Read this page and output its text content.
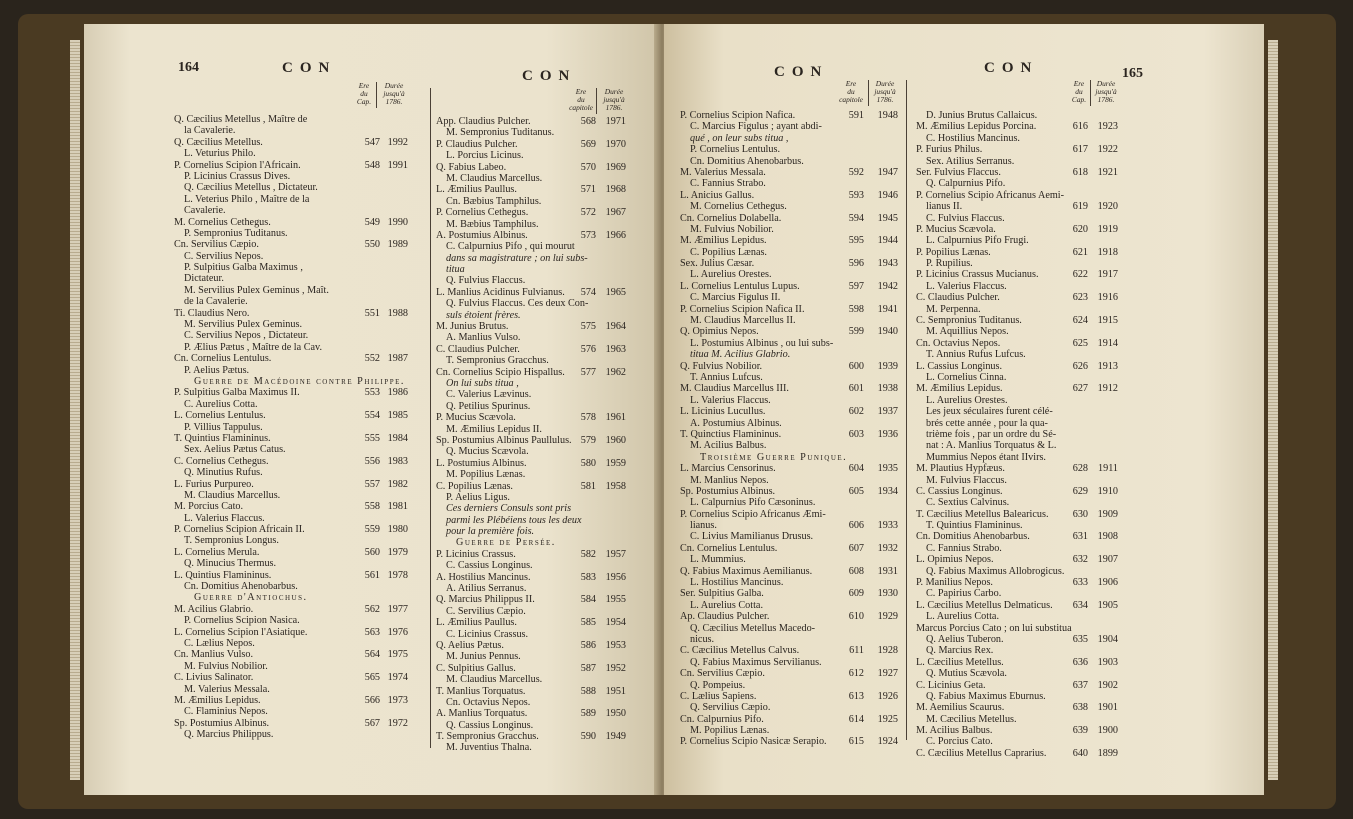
164	CON
Ere
du
Cap.
Durée
jusqu'à
1786.
Q. Cæcilius Metellus , Maître de
la Cavalerie.
Q. Cæcilius Metellus.	547 1992
L. Veturius Philo.
P. Cornelius Scipion l'Africain.	548 1991
P. Licinius Crassus Dives.
Q. Cæcilius Metellus , Dictateur.
L. Veterius Philo , Maître de la
Cavalerie.
M. Cornelius Cethegus.	549 1990
P. Sempronius Tuditanus.
Cn. Servilius Cæpio.	550 1989
C. Servilius Nepos.
P. Sulpitius Galba Maximus ,
Dictateur.
M. Servilius Pulex Geminus , Maît.
de la Cavalerie.
Ti. Claudius Nero.	551 1988
M. Servilius Pulex Geminus.
C. Servilius Nepos , Dictateur.
P. Ælius Pætus , Maître de la Cav.
Cn. Cornelius Lentulus.	552 1987
P. Aelius Pætus.
Guerre de Macédoine contre Philippe.
P. Sulpitius Galba Maximus II.	553 1986
C. Aurelius Cotta.
L. Cornelius Lentulus.	554 1985
P. Villius Tappulus.
T. Quintius Flamininus.	555 1984
Sex. Aelius Pætus Catus.
C. Cornelius Cethegus.	556 1983
Q. Minutius Rufus.
L. Furius Purpureo.	557 1982
M. Claudius Marcellus.
M. Porcius Cato.	558 1981
L. Valerius Flaccus.
P. Cornelius Scipion Africain II.	559 1980
T. Sempronius Longus.
L. Cornelius Merula.	560 1979
Q. Minucius Thermus.
L. Quintius Flamininus.	561 1978
Cn. Domitius Ahenobarbus.
Guerre d'Antiochus.
M. Acilius Glabrio.	562 1977
P. Cornelius Scipion Nasica.
L. Cornelius Scipion l'Asiatique.	563 1976
C. Lælius Nepos.
Cn. Manlius Vulso.	564 1975
M. Fulvius Nobilior.
C. Livius Salinator.	565 1974
M. Valerius Messala.
M. Æmilius Lepidus.	566 1973
C. Flaminius Nepos.
Sp. Postumius Albinus.	567 1972
Q. Marcius Philippus.
CON
Ere
du
capitole
Durée
jusqu'à
1786.
App. Claudius Pulcher.	568 1971
M. Sempronius Tuditanus.
P. Claudius Pulcher.	569 1970
L. Porcius Licinus.
Q. Fabius Labeo.	570 1969
M. Claudius Marcellus.
L. Æmilius Paullus.	571 1968
Cn. Bæbius Tamphilus.
P. Cornelius Cethegus.	572 1967
M. Bæbius Tamphilus.
A. Postumius Albinus.	573 1966
C. Calpurnius Pifo , qui mourut
dans sa magistrature ; on lui subs-
titua
Q. Fulvius Flaccus.
L. Manlius Acidinus Fulvianus.	574 1965
Q. Fulvius Flaccus. Ces deux Con-
suls étoient frères.
M. Junius Brutus.	575 1964
A. Manlius Vulso.
C. Claudius Pulcher.	576 1963
T. Sempronius Gracchus.
Cn. Cornelius Scipio Hispallus.	577 1962
On lui subs titua ,
C. Valerius Lævinus.
Q. Petilius Spurinus.
P. Mucius Scævola.	578 1961
M. Æmilius Lepidus II.
Sp. Postumius Albinus Paullulus. 579 1960
Q. Mucius Scævola.
L. Postumius Albinus.	580 1959
M. Popilius Lænas.
C. Popilius Lænas.	581 1958
P. Aelius Ligus.
Ces derniers Consuls sont pris
parmi les Plébéiens tous les deux
pour la première fois.
Guerre de Persée.
P. Licinius Crassus.	582 1957
C. Cassius Longinus.
A. Hostilius Mancinus.	583 1956
A. Atilius Serranus.
Q. Marcius Philippus II.	584 1955
C. Servilius Cæpio.
L. Æmilius Paullus.	585 1954
C. Licinius Crassus.
Q. Aelius Pætus.	586 1953
M. Junius Pennus.
C. Sulpitius Gallus.	587 1952
M. Claudius Marcellus.
T. Manlius Torquatus.	588 1951
Cn. Octavius Nepos.
A. Manlius Torquatus.	589 1950
Q. Cassius Longinus.
T. Sempronius Gracchus.	590 1949
M. Juventius Thalna.
CON
Ere
du
capitole
Durée
jusqu'à
1786.
P. Cornelius Scipion Nafica.	591	1948
C. Marcius Figulus ; ayant abdi-
qué , on leur subs titua ,
P. Cornelius Lentulus.
Cn. Domitius Ahenobarbus.
M. Valerius Messala.	592	1947
C. Fannius Strabo.
L. Anicius Gallus.	593	1946
M. Cornelius Cethegus.
Cn. Cornelius Dolabella.	594	1945
M. Fulvius Nobilior.
M. Æmilius Lepidus.	595	1944
C. Popilius Lænas.
Sex. Julius Cæsar.	596	1943
L. Aurelius Orestes.
L. Cornelius Lentulus Lupus.	597	1942
C. Marcius Figulus II.
P. Cornelius Scipion Nafica II.	598	1941
M. Claudius Marcellus II.
Q. Opimius Nepos.	599	1940
L. Postumius Albinus , ou lui subs-
titua M. Acilius Glabrio.
Q. Fulvius Nobilior.	600	1939
T. Annius Lufcus.
M. Claudius Marcellus III.	601	1938
L. Valerius Flaccus.
L. Licinius Lucullus.	602	1937
A. Postumius Albinus.
T. Quinctius Flamininus.	603	1936
M. Acilius Balbus.
Troisième Guerre Punique.
L. Marcius Censorinus.	604	1935
M. Manlius Nepos.
Sp. Postumius Albinus.	605	1934
L. Calpurnius Pifo Cæsoninus.
P. Cornelius Scipio Africanus Æmi-
lianus.	606	1933
C. Livius Mamilianus Drusus.
Cn. Cornelius Lentulus.	607	1932
L. Mummius.
Q. Fabius Maximus Aemilianus.	608	1931
L. Hostilius Mancinus.
Ser. Sulpitius Galba.	609	1930
L. Aurelius Cotta.
Ap. Claudius Pulcher.	610	1929
Q. Cæcilius Metellus Macedo-
nicus.
C. Cæcilius Metellus Calvus.	611	1928
Q. Fabius Maximus Servilianus.
Cn. Servilius Cæpio.	612	1927
Q. Pompeius.
C. Lælius Sapiens.	613	1926
Q. Servilius Cæpio.
Cn. Calpurnius Pifo.	614	1925
M. Popilius Lænas.
P. Cornelius Scipio Nasicæ Serapio.	615	1924
CON	165
Ere
du
Cap.
Durée
jusqu'à
1786.
D. Junius Brutus Callaicus.
M. Æmilius Lepidus Porcina.	616 1923
C. Hostilius Mancinus.
P. Furius Philus.	617 1922
Sex. Atilius Serranus.
Ser. Fulvius Flaccus.	618 1921
Q. Calpurnius Pifo.
P. Cornelius Scipio Africanus Aemi-
lianus II.	619 1920
C. Fulvius Flaccus.
P. Mucius Scævola.	620 1919
L. Calpurnius Pifo Frugi.
P. Popilius Lænas.	621 1918
P. Rupilius.
P. Licinius Crassus Mucianus.	622 1917
L. Valerius Flaccus.
C. Claudius Pulcher.	623 1916
M. Perpenna.
C. Sempronius Tuditanus.	624 1915
M. Aquillius Nepos.
Cn. Octavius Nepos.	625 1914
T. Annius Rufus Lufcus.
L. Cassius Longinus.	626 1913
L. Cornelius Cinna.
M. Æmilius Lepidus.	627 1912
L. Aurelius Orestes.
Les jeux séculaires furent célé-
brés cette année , pour la qua-
trième fois , par un ordre du Sé-
nat : A. Manlius Torquatus & L.
Mummius Nepos étant IIvirs.
M. Plautius Hypfæus.	628 1911
M. Fulvius Flaccus.
C. Cassius Longinus.	629 1910
C. Sextius Calvinus.
T. Cæcilius Metellus Balearicus.	630 1909
T. Quintius Flamininus.
Cn. Domitius Ahenobarbus.	631 1908
C. Fannius Strabo.
L. Opimius Nepos.	632 1907
Q. Fabius Maximus Allobrogicus.
P. Manilius Nepos.	633 1906
C. Papirius Carbo.
L. Cæcilius Metellus Delmaticus.	634 1905
L. Aurelius Cotta.
Marcus Porcius Cato ; on lui substitua
Q. Aelius Tuberon.	635 1904
Q. Marcius Rex.
L. Cæcilius Metellus.	636 1903
Q. Mutius Scævola.
C. Licinius Geta.	637 1902
Q. Fabius Maximus Eburnus.
M. Aemilius Scaurus.	638 1901
M. Cæcilius Metellus.
M. Acilius Balbus.	639 1900
C. Porcius Cato.
C. Cæcilius Metellus Caprarius.	640 1899
